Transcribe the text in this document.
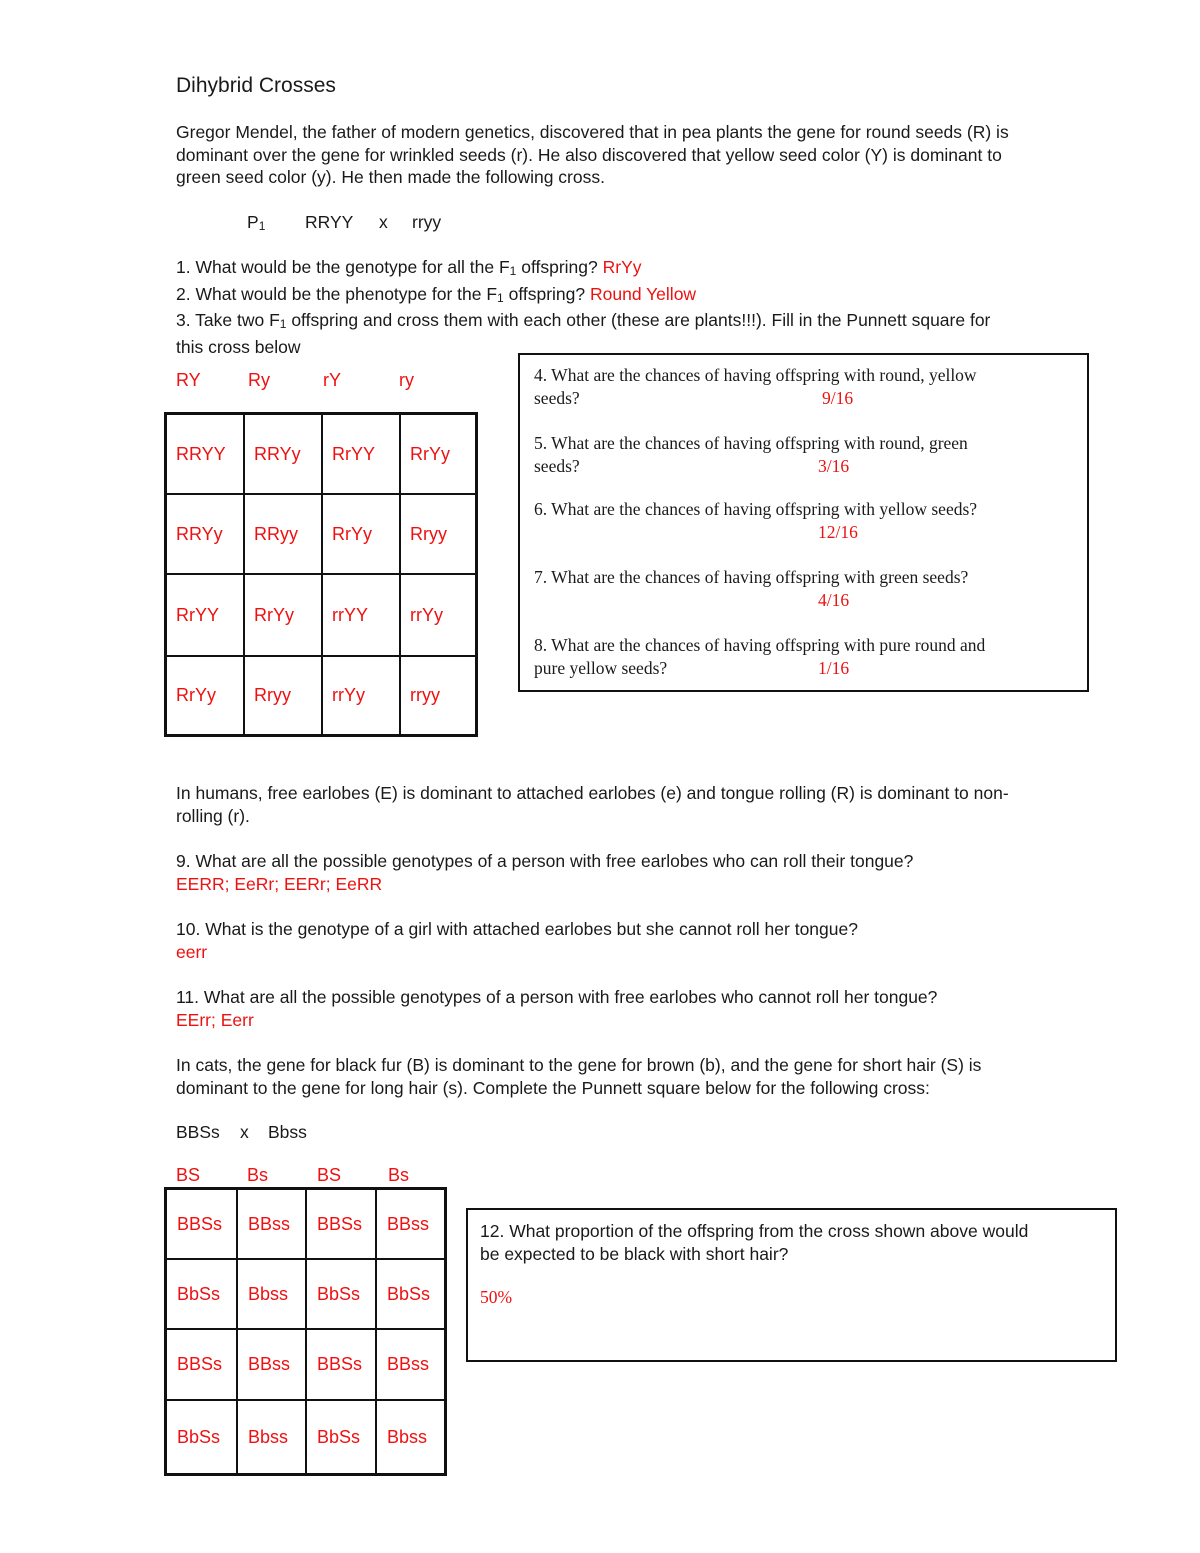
Dihybrid Crosses
Gregor Mendel, the father of modern genetics, discovered that in pea plants the gene for round seeds (R) is
dominant over the gene for wrinkled seeds (r). He also discovered that yellow seed color (Y) is dominant to
green seed color (y). He then made the following cross.
$P_1$ RRYY x rryy
1. What would be the genotype for all the $F_1$ offspring? RrYy
2. What would be the phenotype for the $F_1$ offspring? Round Yellow
3. Take two $F_1$ offspring and cross them with each other (these are plants!!!). Fill in the Punnett square for
this cross below
RY	Ry	rY	ry
RRYY	RRYy	RrYY	RrYy
RRYy	RRyy	RrYy	Rryy
RrYY	RrYy	rrYY	rrYy
RrYy	Rryy	rrYy	rryy
4. What are the chances of having offspring with round, yellow
seeds?	9/16
5. What are the chances of having offspring with round, green
seeds?	3/16
6. What are the chances of having offspring with yellow seeds?
12/16
7. What are the chances of having offspring with green seeds?
4/16
8. What are the chances of having offspring with pure round and
pure yellow seeds?	1/16
In humans, free earlobes (E) is dominant to attached earlobes (e) and tongue rolling (R) is dominant to non-
rolling (r).
9. What are all the possible genotypes of a person with free earlobes who can roll their tongue?
EERR; EeRr; EERr; EeRR
10. What is the genotype of a girl with attached earlobes but she cannot roll her tongue?
eerr
11. What are all the possible genotypes of a person with free earlobes who cannot roll her tongue?
EErr; Eerr
In cats, the gene for black fur (B) is dominant to the gene for brown (b), and the gene for short hair (S) is
dominant to the gene for long hair (s). Complete the Punnett square below for the following cross:
BBSs x Bbss
BS	Bs	BS	Bs
BBSs	BBss	BBSs	BBss
BbSs	Bbss	BbSs	BbSs
BBSs	BBss	BBSs	BBss
BbSs	Bbss	BbSs	Bbss
12. What proportion of the offspring from the cross shown above would
be expected to be black with short hair?
50%
